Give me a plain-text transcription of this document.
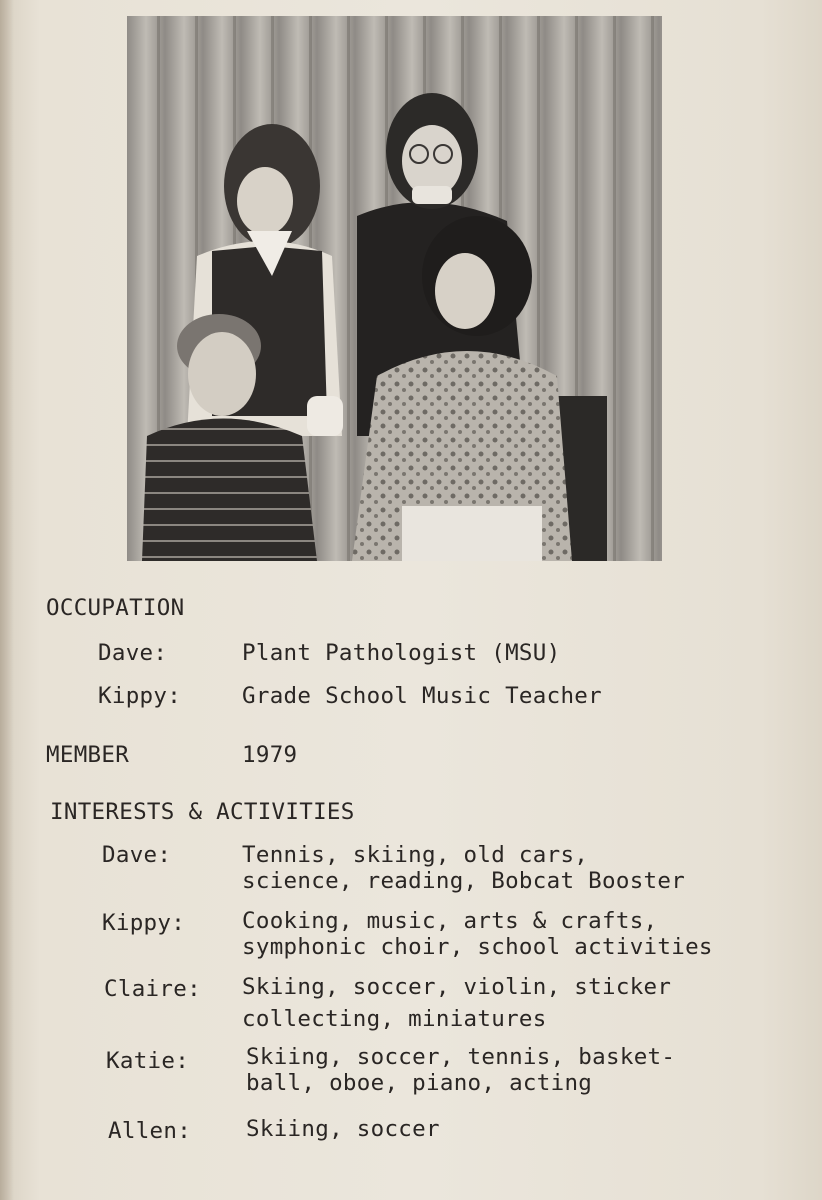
OCCUPATION
Dave:	Plant Pathologist (MSU)
Kippy:	Grade School Music Teacher
MEMBER	1979
INTERESTS & ACTIVITIES
Dave:	Tennis, skiing, old cars,
science, reading, Bobcat Booster
Kippy:	Cooking, music, arts & crafts,
symphonic choir, school activities
Claire: Skiing, soccer, violin, sticker
collecting, miniatures
Katie:	Skiing, soccer, tennis, basket-
ball, oboe, piano, acting
Allen: Skiing, soccer
